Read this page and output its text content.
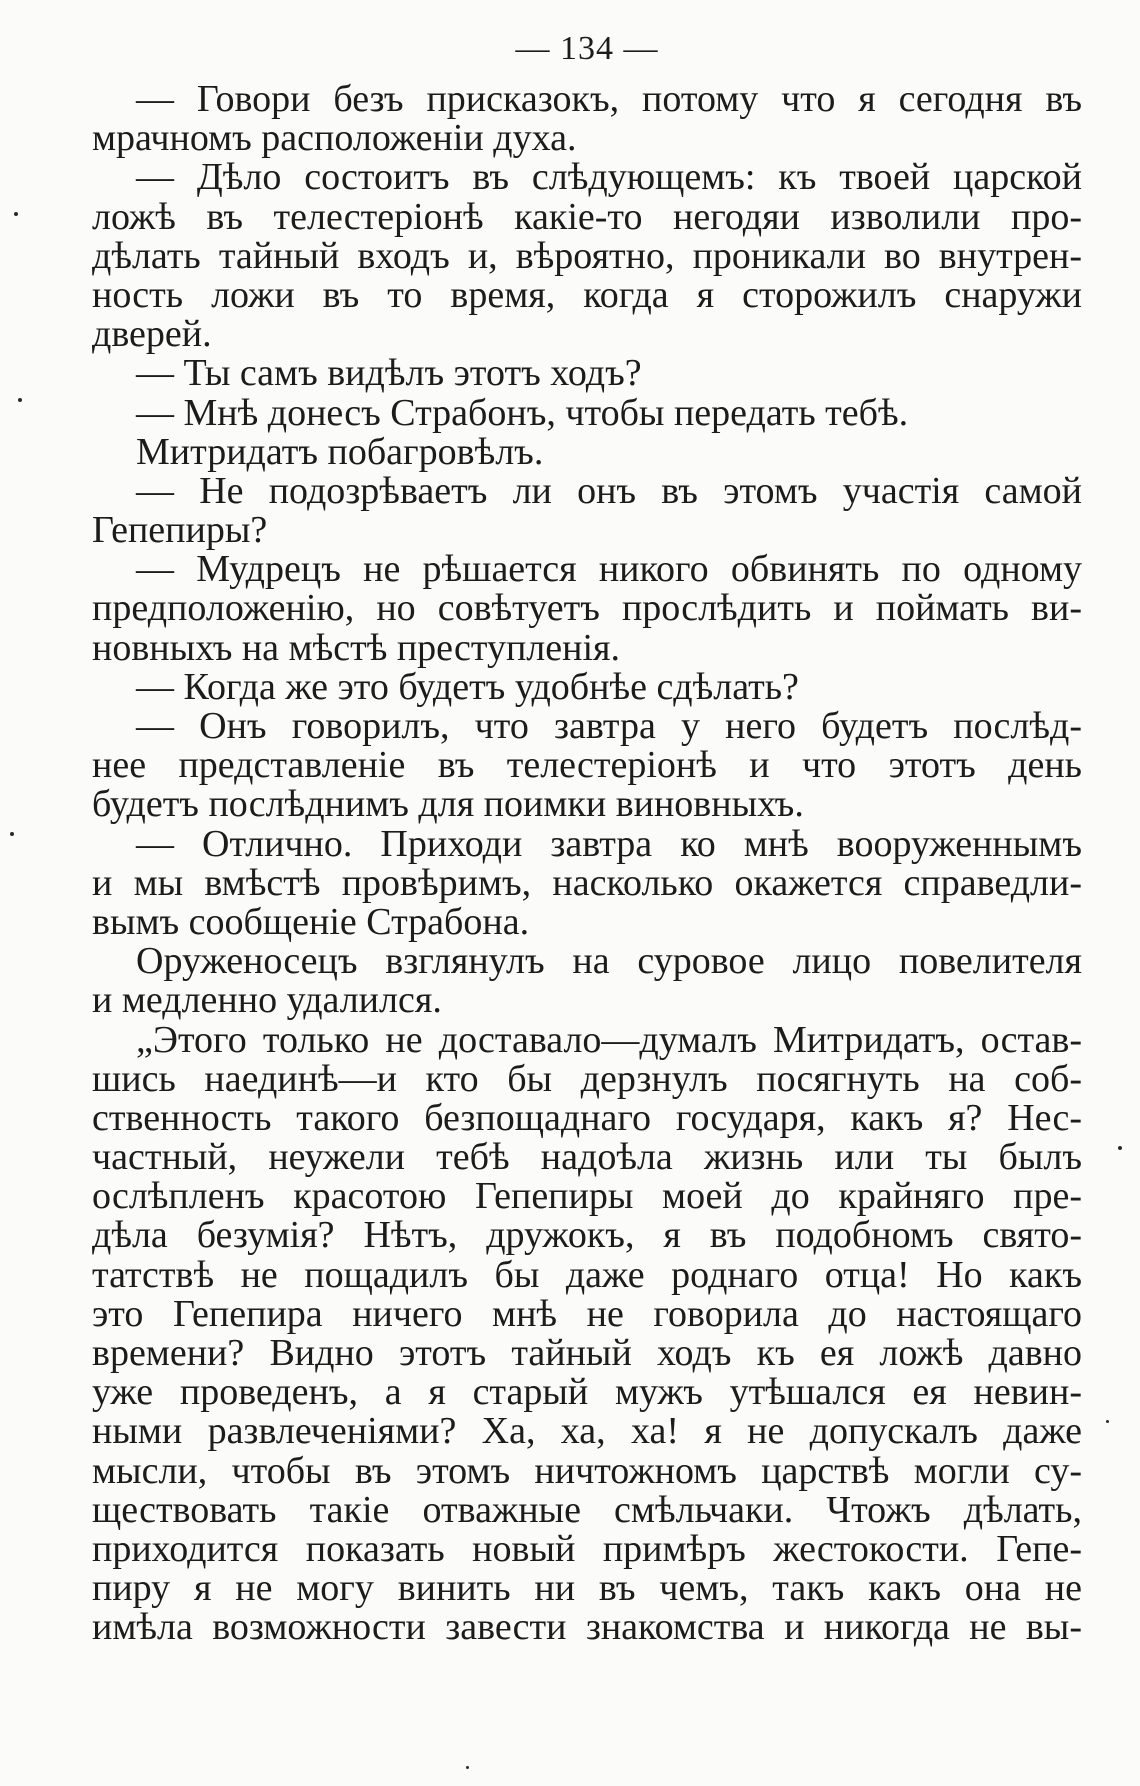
— 134 —
— Говори безъ присказокъ, потому что я сегодня въ
мрачномъ расположеніи духа.
— Дѣло состоитъ въ слѣдующемъ: къ твоей царской
ложѣ въ телестеріонѣ какіе-то негодяи изволили про-
дѣлать тайный входъ и, вѣроятно, проникали во внутрен-
ность ложи въ то время, когда я сторожилъ снаружи
дверей.
— Ты самъ видѣлъ этотъ ходъ?
— Мнѣ донесъ Страбонъ, чтобы передать тебѣ.
Митридатъ побагровѣлъ.
— Не подозрѣваетъ ли онъ въ этомъ участія самой
Гепепиры?
— Мудрецъ не рѣшается никого обвинять по одному
предположенію, но совѣтуетъ прослѣдить и поймать ви-
новныхъ на мѣстѣ преступленія.
— Когда же это будетъ удобнѣе сдѣлать?
— Онъ говорилъ, что завтра у него будетъ послѣд-
нее представленіе въ телестеріонѣ и что этотъ день
будетъ послѣднимъ для поимки виновныхъ.
— Отлично. Приходи завтра ко мнѣ вооруженнымъ
и мы вмѣстѣ провѣримъ, насколько окажется справедли-
вымъ сообщеніе Страбона.
Оруженосецъ взглянулъ на суровое лицо повелителя
и медленно удалился.
„Этого только не доставало—думалъ Митридатъ, остав-
шись наединѣ—и кто бы дерзнулъ посягнуть на соб-
ственность такого безпощаднаго государя, какъ я? Нес-
частный, неужели тебѣ надоѣла жизнь или ты былъ
ослѣпленъ красотою Гепепиры моей до крайняго пре-
дѣла безумія? Нѣтъ, дружокъ, я въ подобномъ свято-
татствѣ не пощадилъ бы даже роднаго отца! Но какъ
это Гепепира ничего мнѣ не говорила до настоящаго
времени? Видно этотъ тайный ходъ къ ея ложѣ давно
уже проведенъ, а я старый мужъ утѣшался ея невин-
ными развлеченіями? Ха, ха, ха! я не допускалъ даже
мысли, чтобы въ этомъ ничтожномъ царствѣ могли су-
ществовать такіе отважные смѣльчаки. Чтожъ дѣлать,
приходится показать новый примѣръ жестокости. Гепе-
пиру я не могу винить ни въ чемъ, такъ какъ она не
имѣла возможности завести знакомства и никогда не вы-
